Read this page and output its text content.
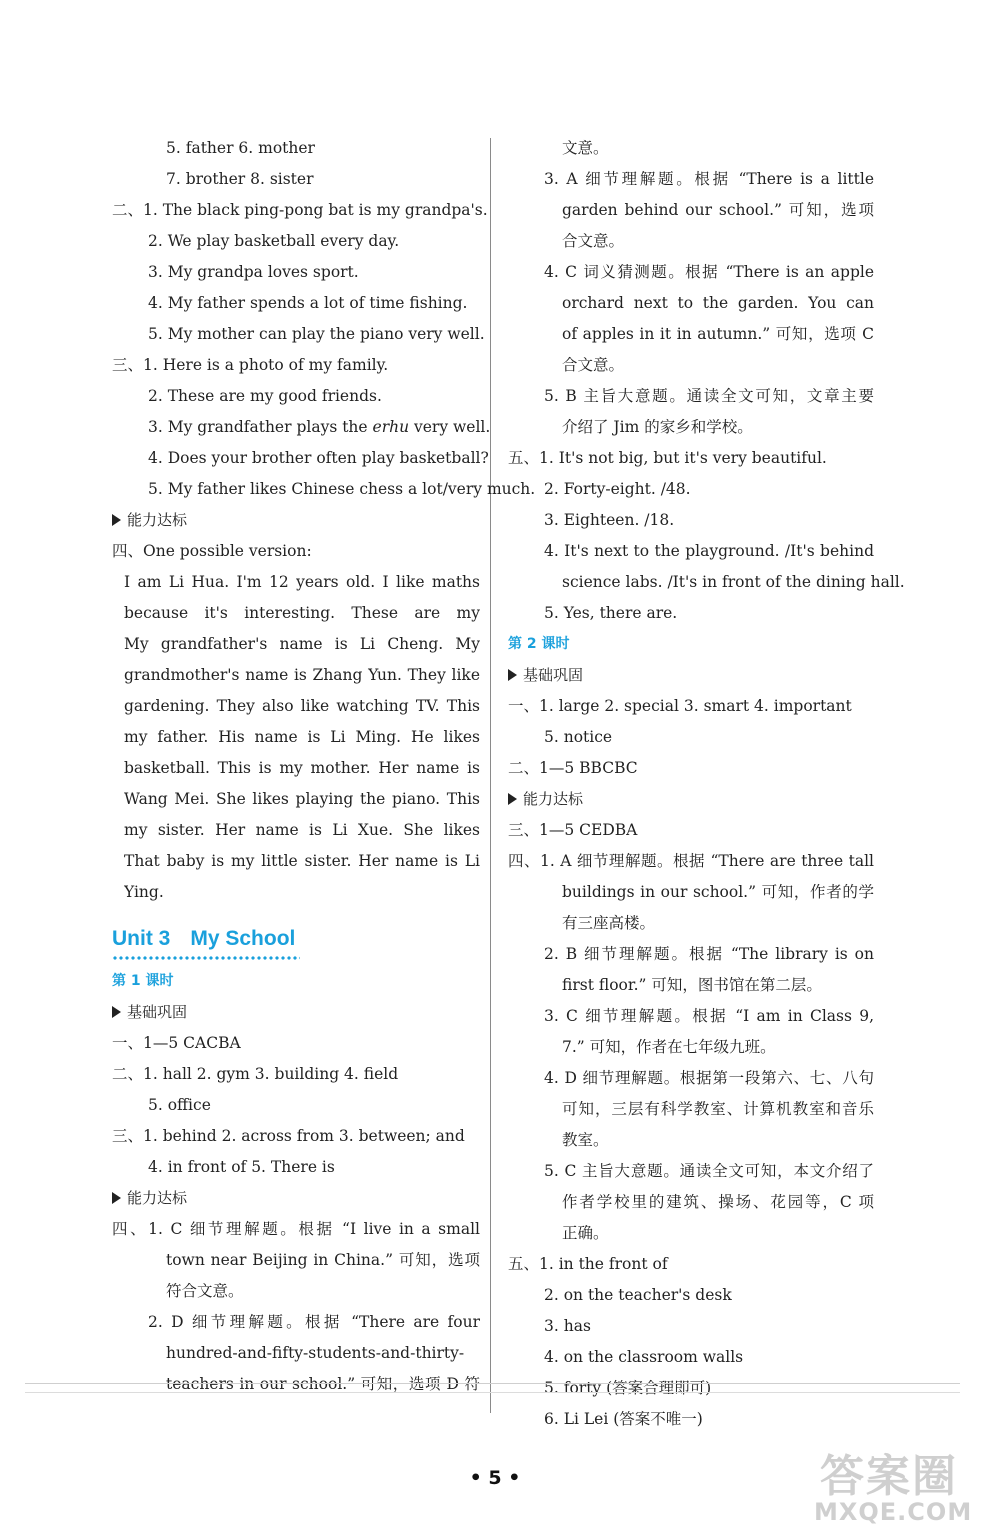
5. father 6. mother
7. brother 8. sister
二、1. The black ping-pong bat is my grandpa's.
2. We play basketball every day.
3. My grandpa loves sport.
4. My father spends a lot of time fishing.
5. My mother can play the piano very well.
三、1. Here is a photo of my family.
2. These are my good friends.
3. My grandfather plays the erhu very well.
4. Does your brother often play basketball?
5. My father likes Chinese chess a lot/very much.
能力达标
四、One possible version:
I am Li Hua. I'm 12 years old. I like maths
because it's interesting. These are my
My grandfather's name is Li Cheng. My
grandmother's name is Zhang Yun. They like
gardening. They also like watching TV. This
my father. His name is Li Ming. He likes
basketball. This is my mother. Her name is
Wang Mei. She likes playing the piano. This
my sister. Her name is Li Xue. She likes
That baby is my little sister. Her name is Li
Ying.
Unit 3 My School
第 1 课时
基础巩固
一、1—5 CACBA
二、1. hall 2. gym 3. building 4. field
5. office
三、1. behind 2. across from 3. between; and
4. in front of 5. There is
能力达标
四、1. C 细节理解题。根据 “I live in a small
town near Beijing in China.” 可知，选项
符合文意。
2. D 细节理解题。根据 “There are four
hundred-and-fifty-students-and-thirty-
teachers in our school.” 可知，选项 D 符
文意。
3. A 细节理解题。根据 “There is a little
garden behind our school.” 可知，选项
合文意。
4. C 词义猜测题。根据 “There is an apple
orchard next to the garden. You can
of apples in it in autumn.” 可知，选项 C
合文意。
5. B 主旨大意题。通读全文可知，文章主要
介绍了 Jim 的家乡和学校。
五、1. It's not big, but it's very beautiful.
2. Forty-eight. /48.
3. Eighteen. /18.
4. It's next to the playground. /It's behind
science labs. /It's in front of the dining hall.
5. Yes, there are.
第 2 课时
基础巩固
一、1. large 2. special 3. smart 4. important
5. notice
二、1—5 BBCBC
能力达标
三、1—5 CEDBA
四、1. A 细节理解题。根据 “There are three tall
buildings in our school.” 可知，作者的学
有三座高楼。
2. B 细节理解题。根据 “The library is on
first floor.” 可知，图书馆在第二层。
3. C 细节理解题。根据 “I am in Class 9,
7.” 可知，作者在七年级九班。
4. D 细节理解题。根据第一段第六、七、八句
可知，三层有科学教室、计算机教室和音乐
教室。
5. C 主旨大意题。通读全文可知，本文介绍了
作者学校里的建筑、操场、花园等，C 项
正确。
五、1. in the front of
2. on the teacher's desk
3. has
4. on the classroom walls
5. forty (答案合理即可)
6. Li Lei (答案不唯一)
• 5 •	答案圈
MXQE.COM
